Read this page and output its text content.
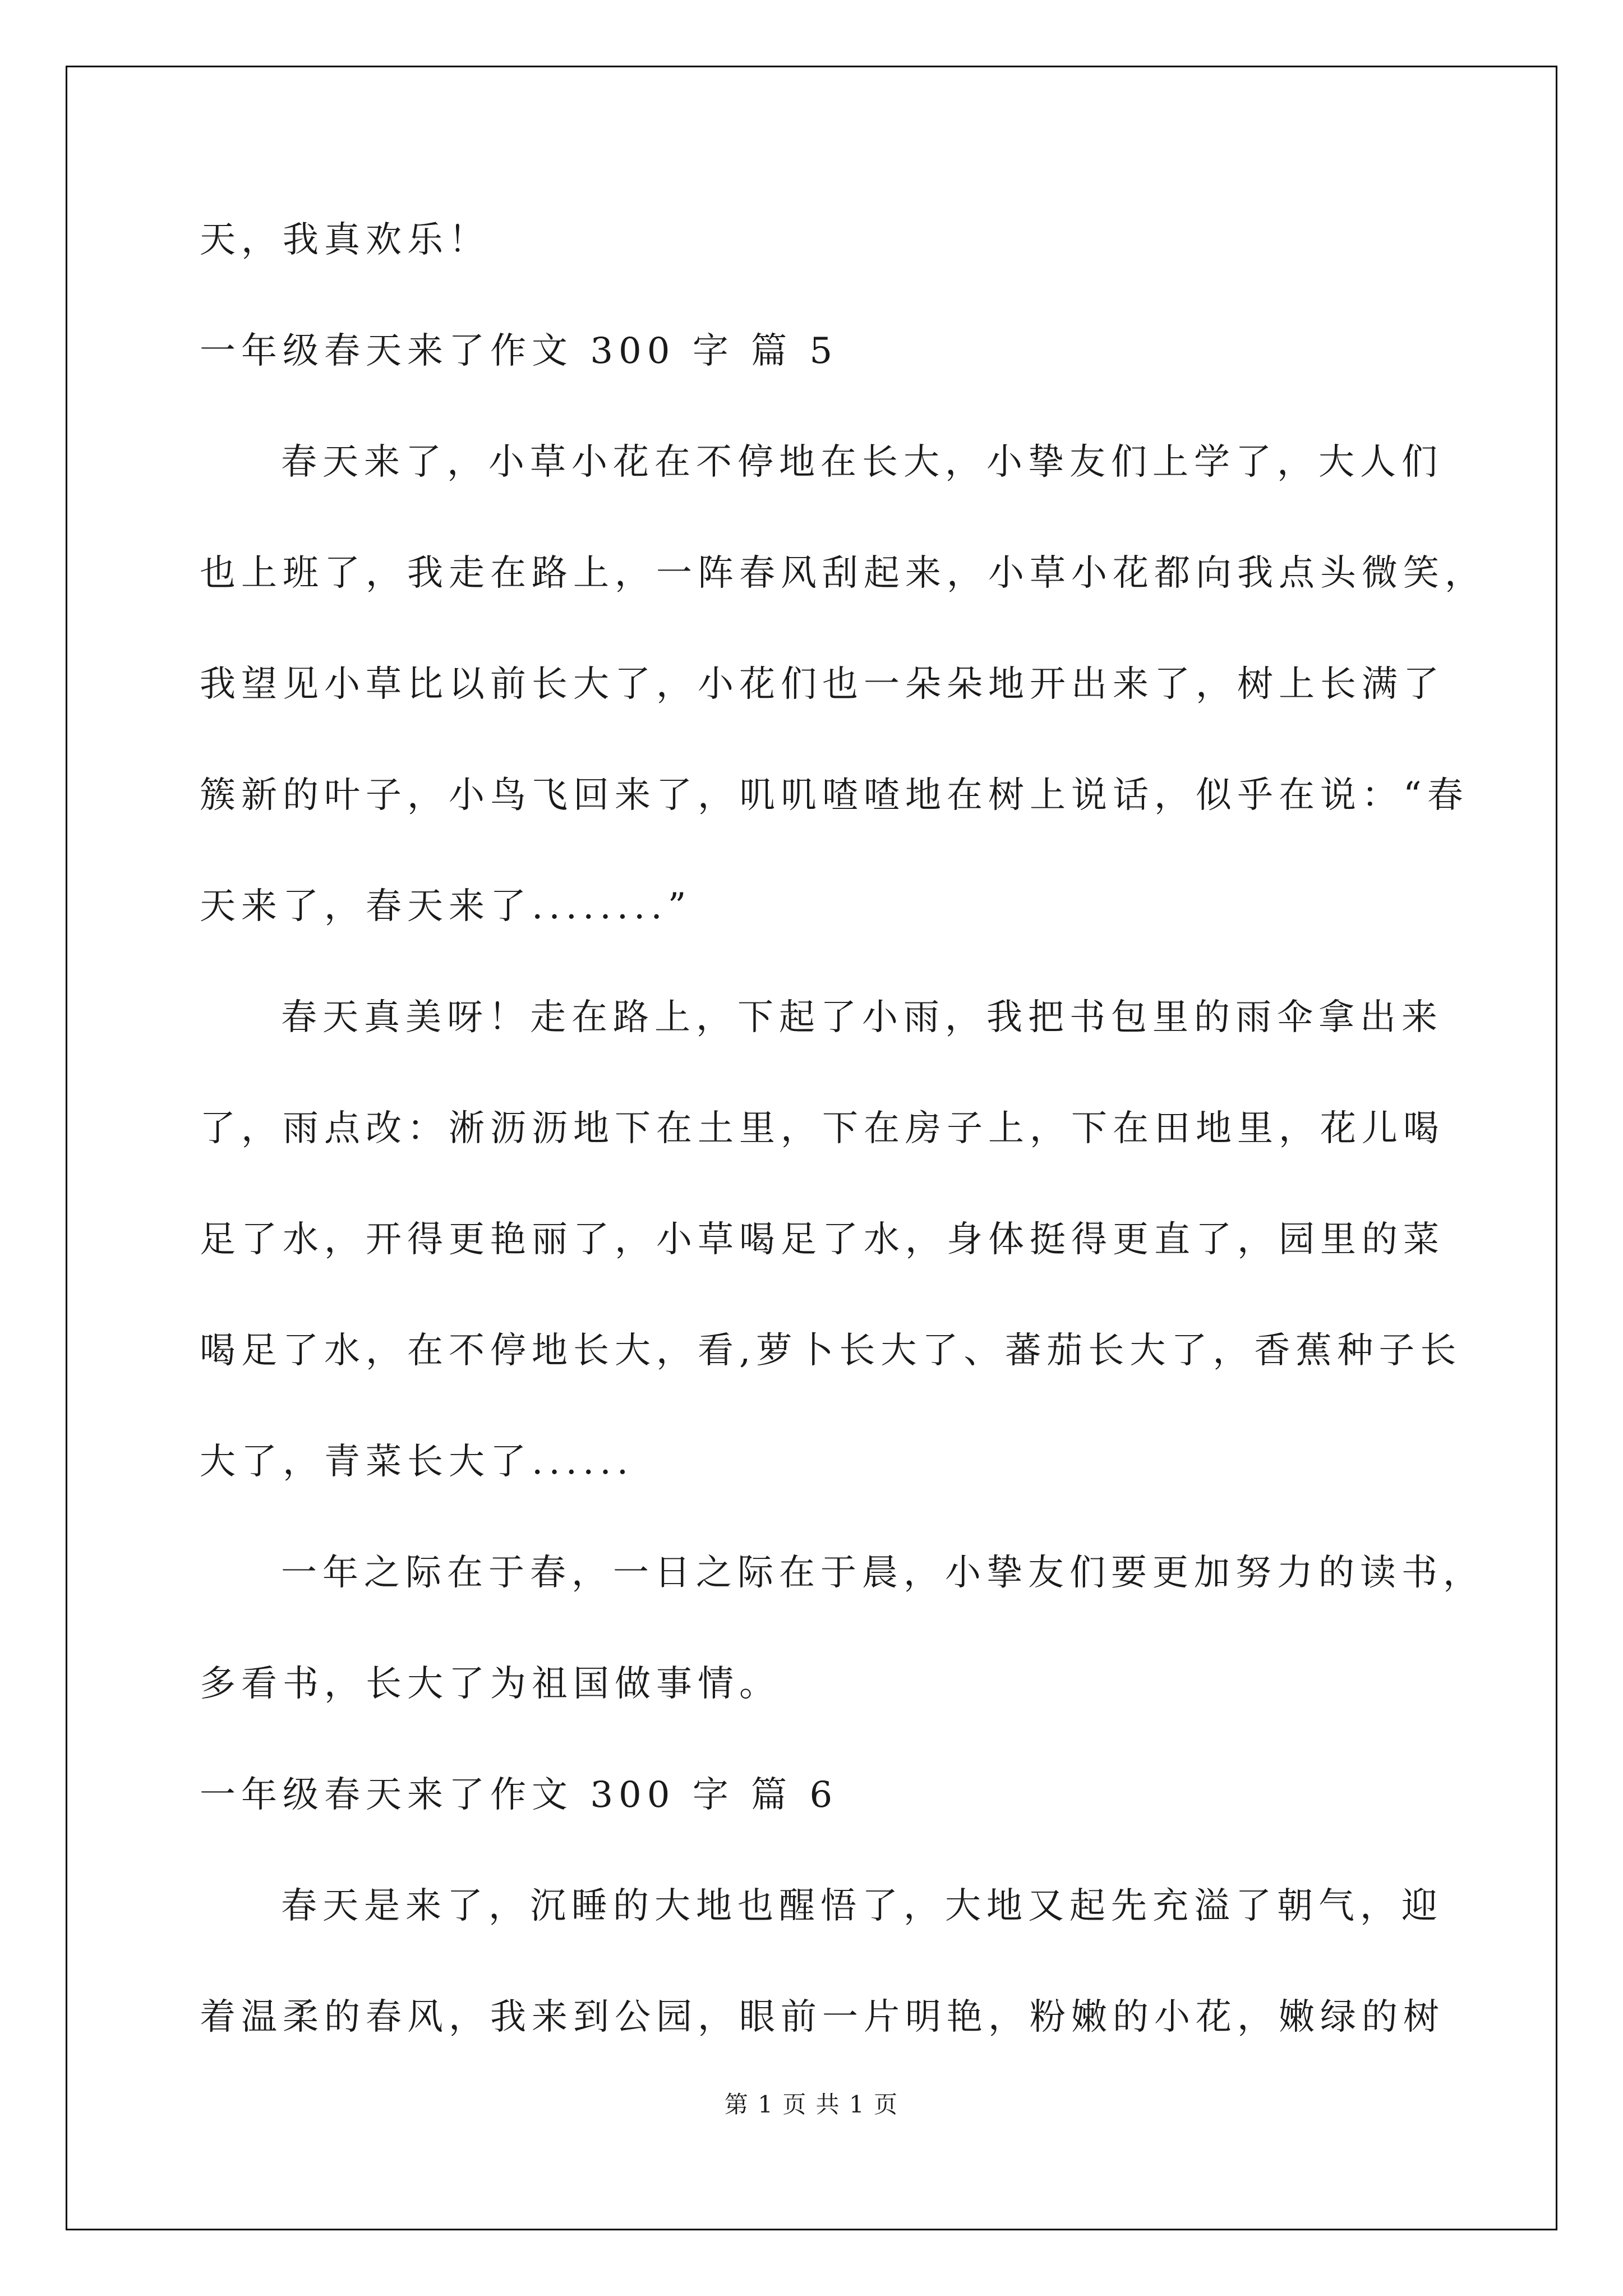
天，我真欢乐！
一年级春天来了作文 300 字 篇 5
春天来了，小草小花在不停地在长大，小挚友们上学了，大人们
也上班了，我走在路上，一阵春风刮起来，小草小花都向我点头微笑，
我望见小草比以前长大了，小花们也一朵朵地开出来了，树上长满了
簇新的叶子，小鸟飞回来了，叽叽喳喳地在树上说话，似乎在说：“春
天来了，春天来了........”
春天真美呀！走在路上，下起了小雨，我把书包里的雨伞拿出来
了，雨点改：淅沥沥地下在土里，下在房子上，下在田地里，花儿喝
足了水，开得更艳丽了，小草喝足了水，身体挺得更直了，园里的菜
喝足了水，在不停地长大，看,萝卜长大了、蕃茄长大了，香蕉种子长
大了，青菜长大了......
一年之际在于春，一日之际在于晨，小挚友们要更加努力的读书，
多看书，长大了为祖国做事情。
一年级春天来了作文 300 字 篇 6
春天是来了，沉睡的大地也醒悟了，大地又起先充溢了朝气，迎
着温柔的春风，我来到公园，眼前一片明艳，粉嫩的小花，嫩绿的树
第 1 页 共 1 页
